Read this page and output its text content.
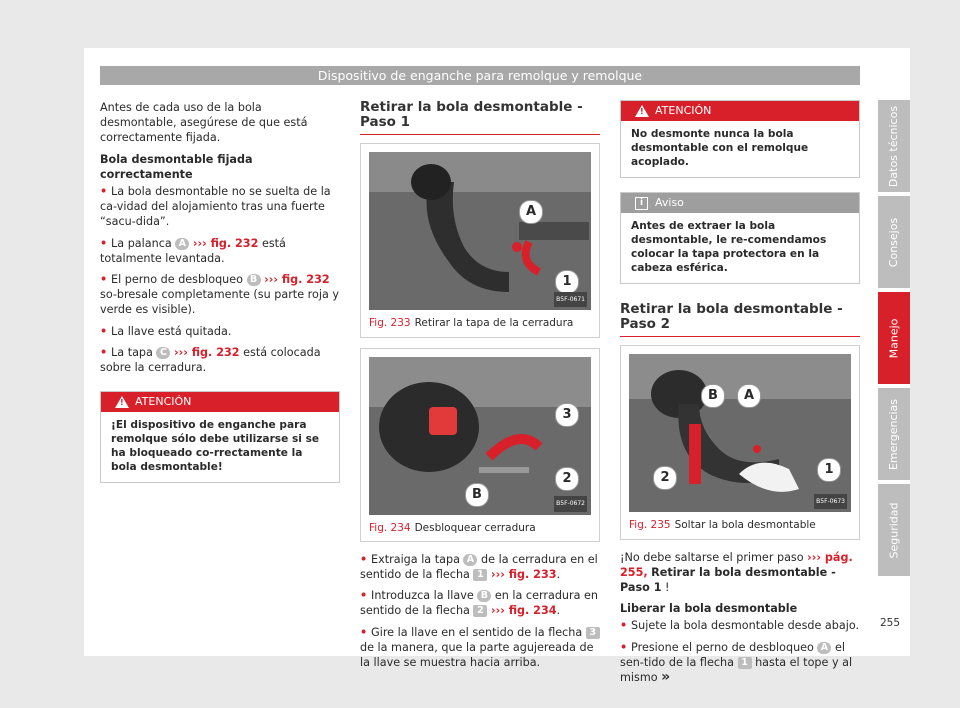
Dispositivo de enganche para remolque y remolque

Antes de cada uso de la bola desmontable, asegúrese de que está correctamente fijada.

Bola desmontable fijada correctamente

• La bola desmontable no se suelta de la ca-vidad del alojamiento tras una fuerte “sacu-dida”.

• La palanca A ››› fig. 232 está totalmente levantada.

• El perno de desbloqueo B ››› fig. 232 so-bresale completamente (su parte roja y verde es visible).

• La llave está quitada.

• La tapa C ››› fig. 232 está colocada sobre la cerradura.

! ATENCIÓN
¡El dispositivo de enganche para remolque sólo debe utilizarse si se ha bloqueado co-rrectamente la bola desmontable!
Retirar la bola desmontable - Paso 1
A
1
B5F-0671
Fig. 233 Retirar la tapa de la cerradura
3
2
B
B5F-0672
Fig. 234 Desbloquear cerradura

• Extraiga la tapa A de la cerradura en el sentido de la flecha 1 ››› fig. 233.

• Introduzca la llave B en la cerradura en sentido de la flecha 2 ››› fig. 234.

• Gire la llave en el sentido de la flecha 3 de la manera, que la parte agujereada de la llave se muestra hacia arriba.

! ATENCIÓN
No desmonte nunca la bola desmontable con el remolque acoplado.
i	Aviso
Antes de extraer la bola desmontable, le re-comendamos colocar la tapa protectora en la cabeza esférica.
Retirar la bola desmontable - Paso 2
B	A
2
1
B5F-0673
Fig. 235 Soltar la bola desmontable

¡No debe saltarse el primer paso ››› pág. 255, Retirar la bola desmontable - Paso 1 !

Liberar la bola desmontable

• Sujete la bola desmontable desde abajo.

• Presione el perno de desbloqueo A el sen-tido de la flecha 1 hasta el tope y al mismo »

Datos técnicos
Consejos
Manejo
Emergencias
Seguridad
255
